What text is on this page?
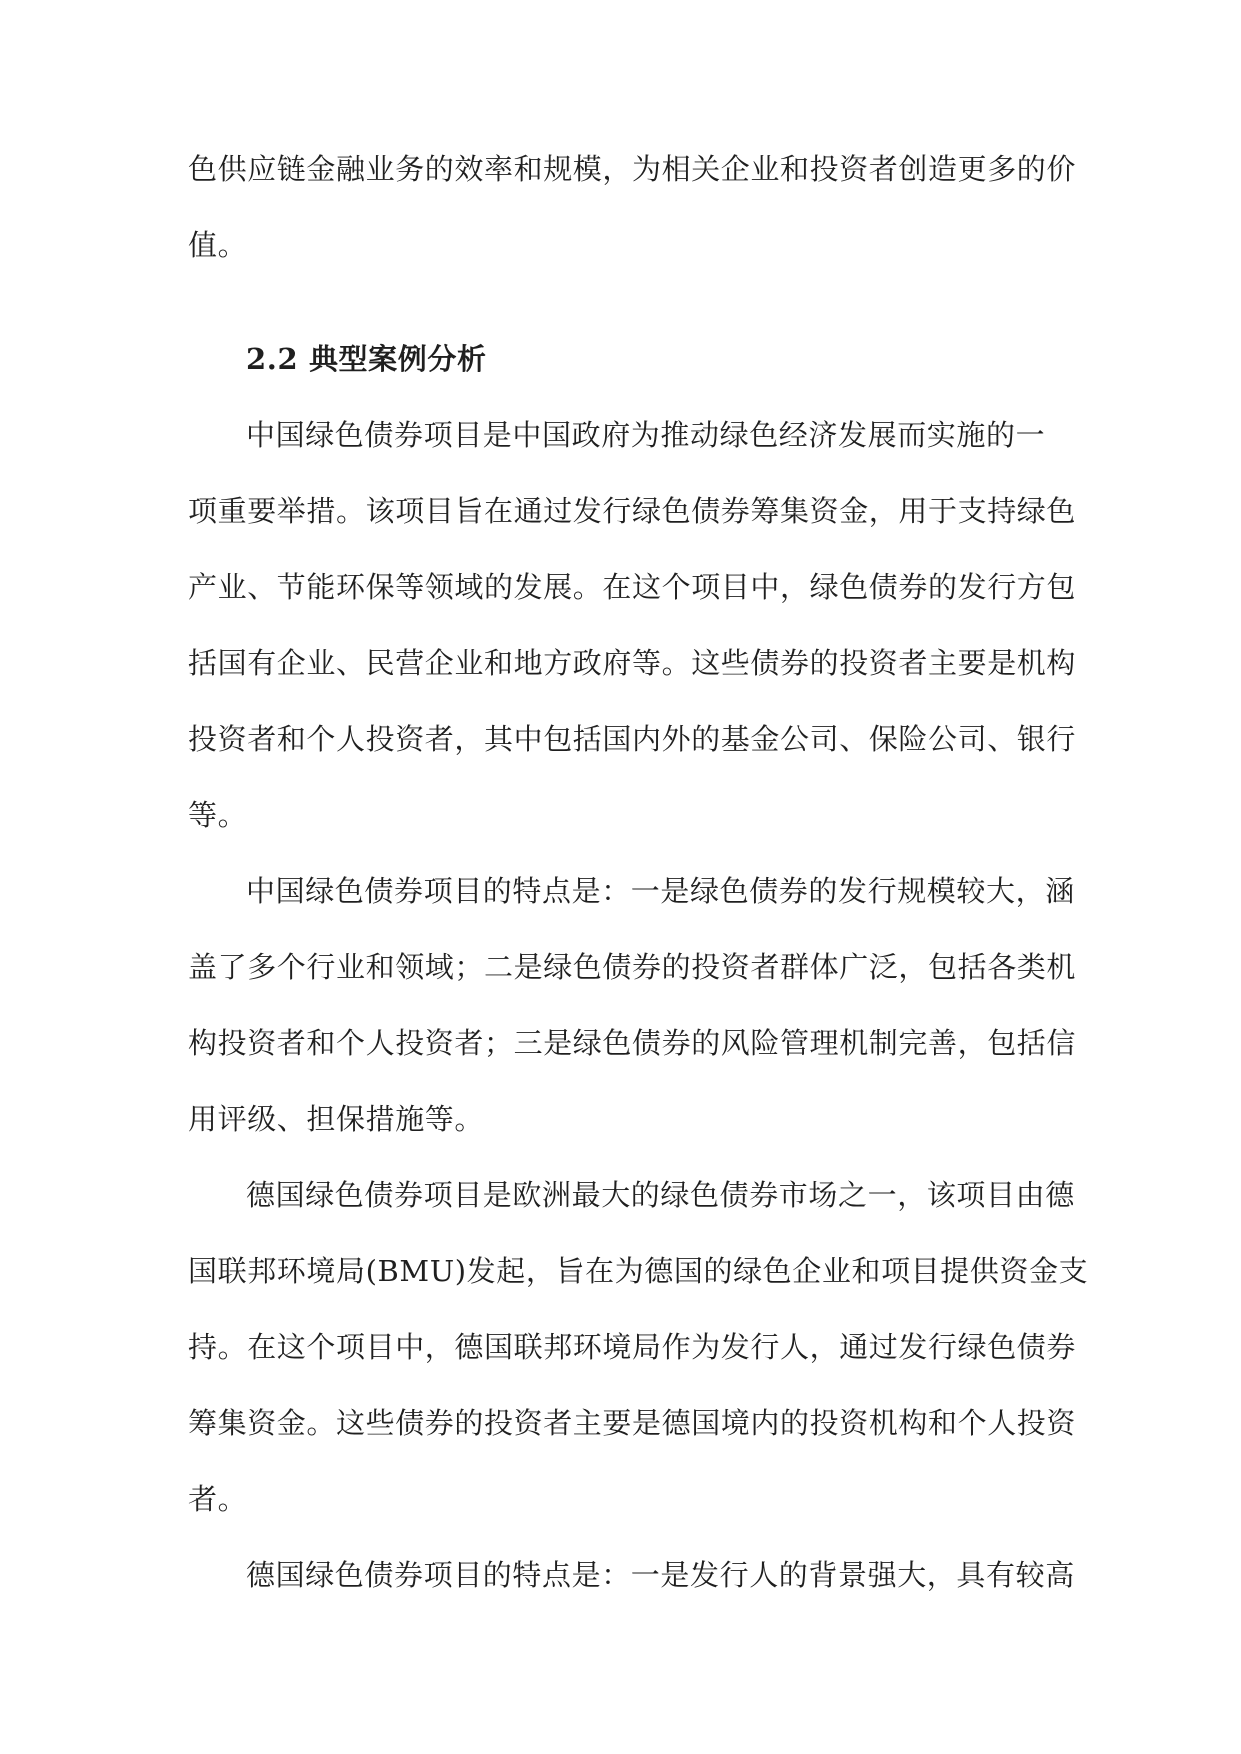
色供应链金融业务的效率和规模，为相关企业和投资者创造更多的价
值。
2.2 典型案例分析
中国绿色债券项目是中国政府为推动绿色经济发展而实施的一
项重要举措。该项目旨在通过发行绿色债券筹集资金，用于支持绿色
产业、节能环保等领域的发展。在这个项目中，绿色债券的发行方包
括国有企业、民营企业和地方政府等。这些债券的投资者主要是机构
投资者和个人投资者，其中包括国内外的基金公司、保险公司、银行
等。
中国绿色债券项目的特点是：一是绿色债券的发行规模较大，涵
盖了多个行业和领域；二是绿色债券的投资者群体广泛，包括各类机
构投资者和个人投资者；三是绿色债券的风险管理机制完善，包括信
用评级、担保措施等。
德国绿色债券项目是欧洲最大的绿色债券市场之一，该项目由德
国联邦环境局(BMU)发起，旨在为德国的绿色企业和项目提供资金支
持。在这个项目中，德国联邦环境局作为发行人，通过发行绿色债券
筹集资金。这些债券的投资者主要是德国境内的投资机构和个人投资
者。
德国绿色债券项目的特点是：一是发行人的背景强大，具有较高
